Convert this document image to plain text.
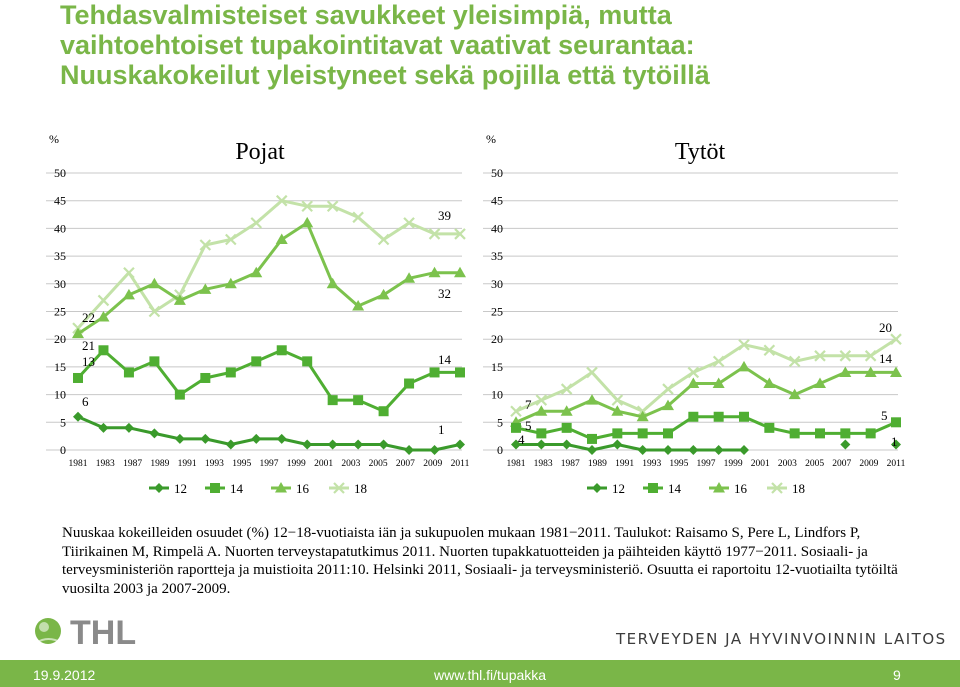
Tehdasvalmisteiset savukkeet yleisimpiä, mutta
vaihtoehtoiset tupakointitavat vaativat seurantaa:
Nuuskakokeilut yleistyneet sekä pojilla että tytöillä
0
5
10
15
20
25
30
35
40
45
50
%	Pojat
1981 1983 1987 1989 1991 1993 1995 1997 1999 2001 2003 2005 2007 2009 2011
22
21
13
6
39
32
14
1
12	14	16	18
0
5
10
15
20
25
30
35
40
45
50
%	Tytöt
1981 1983 1987 1989 1991 1993 1995 1997 1999 2001 2003 2005 2007 2009 2011
7
5
4
20
14
5
1
12	14	16	18
Nuuskaa kokeilleiden osuudet (%) 12−18-vuotiaista iän ja sukupuolen mukaan 1981−2011. Taulukot: Raisamo S, Pere L, Lindfors P, Tiirikainen M, Rimpelä A. Nuorten terveystapatutkimus 2011. Nuorten tupakkatuotteiden ja päihteiden käyttö 1977−2011. Sosiaali- ja terveysministeriön raportteja ja muistioita 2011:10. Helsinki 2011, Sosiaali- ja terveysministeriö. Osuutta ei raportoitu 12-vuotiailta tytöiltä vuosilta 2003 ja 2007-2009.
THL	TERVEYDEN JA HYVINVOINNIN LAITOS
19.9.2012	www.thl.fi/tupakka	9
